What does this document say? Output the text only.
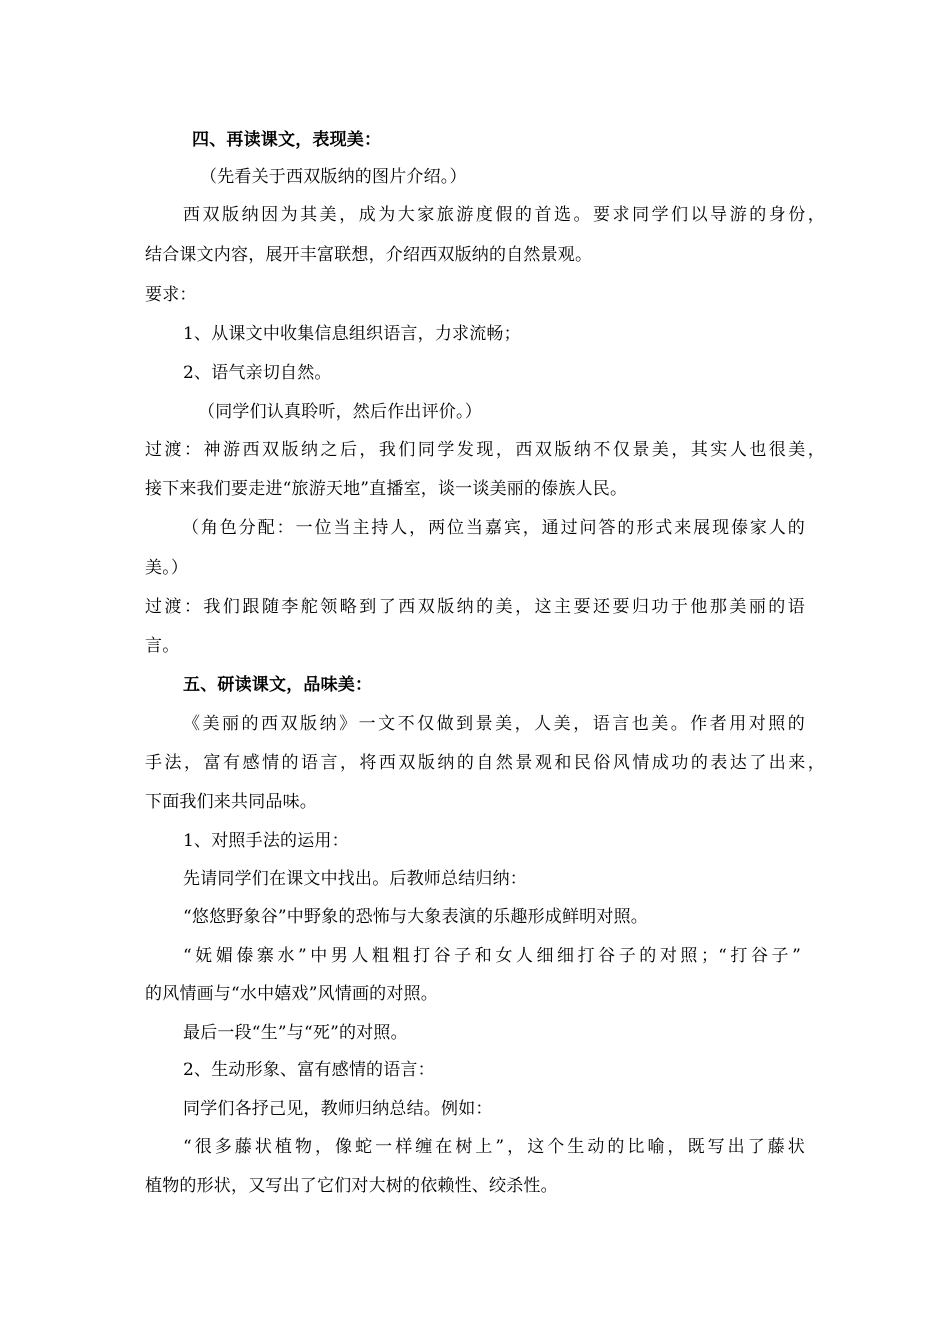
四、再读课文，表现美：
（先看关于西双版纳的图片介绍。）
西双版纳因为其美，成为大家旅游度假的首选。要求同学们以导游的身份，
结合课文内容，展开丰富联想，介绍西双版纳的自然景观。
要求：
1、从课文中收集信息组织语言，力求流畅；
2、语气亲切自然。
（同学们认真聆听，然后作出评价。）
过渡：神游西双版纳之后，我们同学发现，西双版纳不仅景美，其实人也很美，
接下来我们要走进“旅游天地”直播室，谈一谈美丽的傣族人民。
（角色分配：一位当主持人，两位当嘉宾，通过问答的形式来展现傣家人的
美。）
过渡：我们跟随李舵领略到了西双版纳的美，这主要还要归功于他那美丽的语
言。
五、研读课文，品味美：
《美丽的西双版纳》一文不仅做到景美，人美，语言也美。作者用对照的
手法，富有感情的语言，将西双版纳的自然景观和民俗风情成功的表达了出来，
下面我们来共同品味。
1、对照手法的运用：
先请同学们在课文中找出。后教师总结归纳：
“悠悠野象谷”中野象的恐怖与大象表演的乐趣形成鲜明对照。
“妩媚傣寨水”中男人粗粗打谷子和女人细细打谷子的对照；“打谷子”
的风情画与“水中嬉戏”风情画的对照。
最后一段“生”与“死”的对照。
2、生动形象、富有感情的语言：
同学们各抒己见，教师归纳总结。例如：
“很多藤状植物，像蛇一样缠在树上”，这个生动的比喻，既写出了藤状
植物的形状，又写出了它们对大树的依赖性、绞杀性。
